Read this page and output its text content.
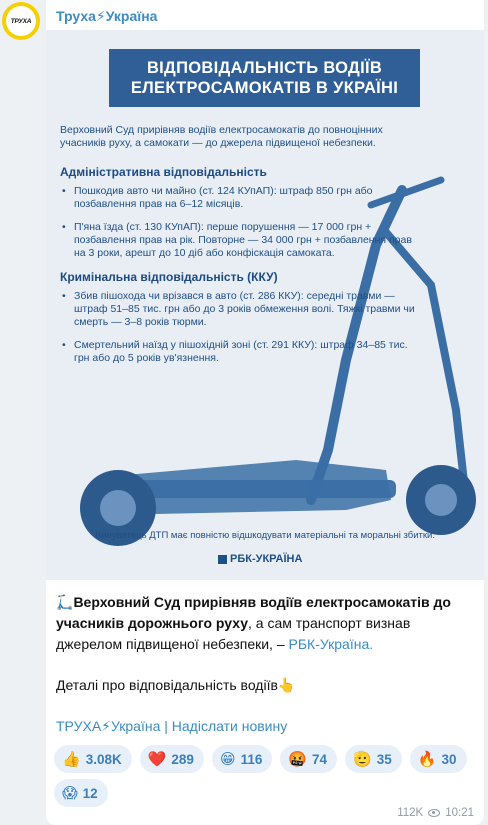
ТРУХА	Труха⚡Україна
ВІДПОВІДАЛЬНІСТЬ ВОДІЇВ
ЕЛЕКТРОСАМОКАТІВ В УКРАЇНІ

Верховний Суд прирівняв водіїв електросамокатів до повноцінних учасників руху, а самокати — до джерела підвищеної небезпеки.

Адміністративна відповідальність
• Пошкодив авто чи майно (ст. 124 КУпАП): штраф 850 грн або позбавлення прав на 6–12 місяців.
• П'яна їзда (ст. 130 КУпАП): перше порушення — 17 000 грн + позбавлення прав на рік. Повторне — 34 000 грн + позбавлення прав на 3 роки, арешт до 10 діб або конфіскація самоката.
Кримінальна відповідальність (ККУ)
• Збив пішохода чи врізався в авто (ст. 286 ККУ): середні травми — штраф 51–85 тис. грн або до 3 років обмеження волі. Тяжкі травми чи смерть — 3–8 років тюрми.
• Смертельний наїзд у пішохідній зоні (ст. 291 ККУ): штраф 34–85 тис. грн або до 5 років ув'язнення.
Винуватець ДТП має повністю відшкодувати матеріальні та моральні збитки.
РБК-УКРАЇНА
🛴Верховний Суд прирівняв водіїв електросамокатів до учасників дорожнього руху, а сам транспорт визнав джерелом підвищеної небезпеки, – РБК-Україна.
Деталі про відповідальність водіїв👆
ТРУХА⚡Україна | Надіслати новину
👍 3.08K ❤️ 289 😁 116 🤬 74 🫡 35 🔥 30
😱 12
112K 10:21
